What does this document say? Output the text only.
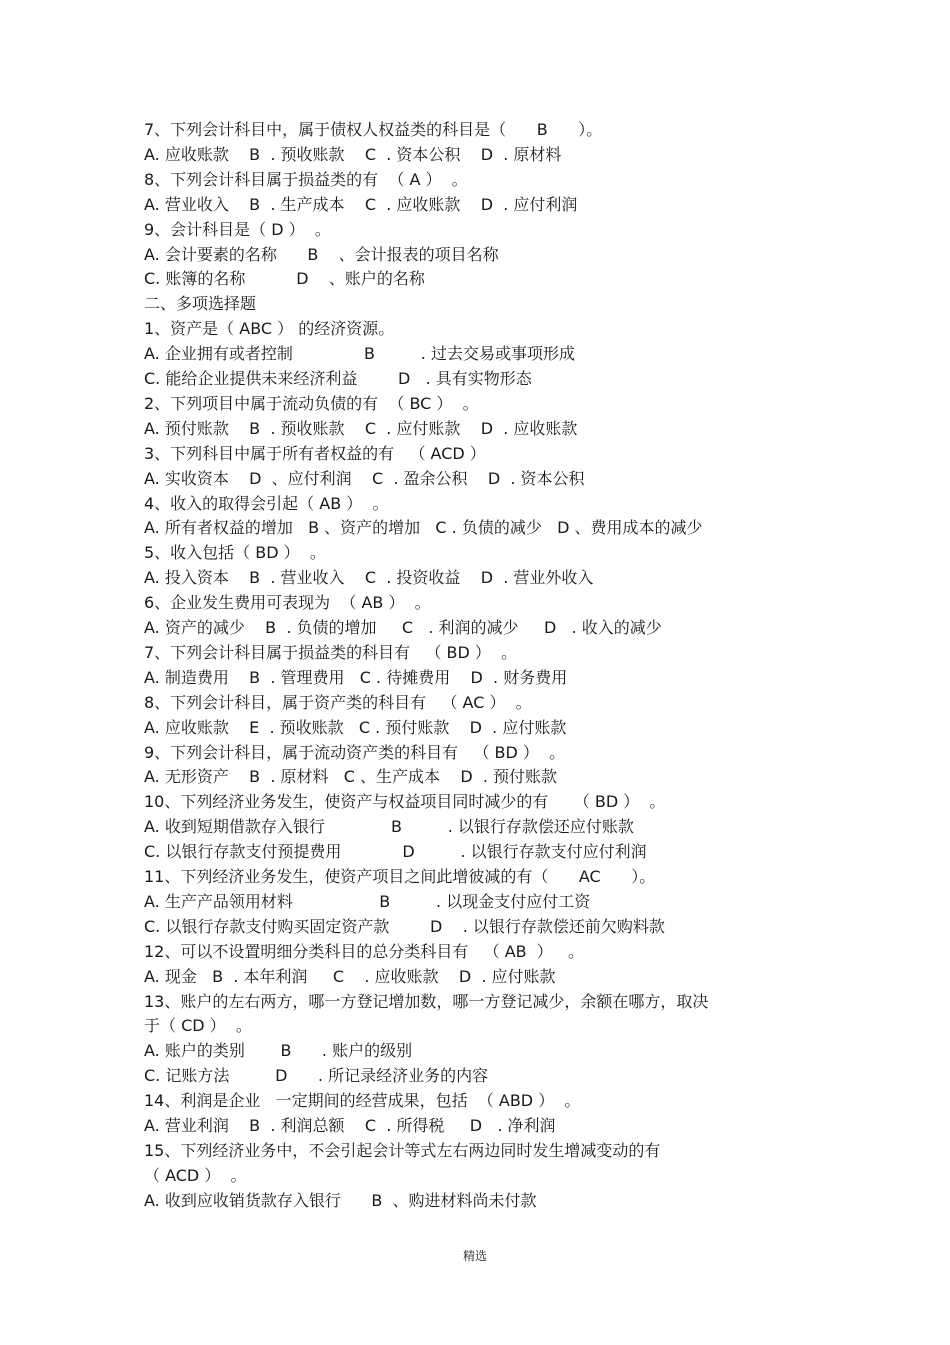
7、下列会计科目中，属于债权人权益类的科目是（      B      ）。
A. 应收账款    B  . 预收账款    C  . 资本公积    D  . 原材料
8、下列会计科目属于损益类的有  （ A ）  。
A. 营业收入    B  . 生产成本    C  . 应收账款    D  . 应付利润
9、会计科目是（ D ）  。
A. 会计要素的名称      B    、会计报表的项目名称
C. 账簿的名称          D    、账户的名称
二、多项选择题
1、资产是（ ABC ） 的经济资源。
A. 企业拥有或者控制              B         . 过去交易或事项形成
C. 能给企业提供未来经济利益        D   . 具有实物形态
2、下列项目中属于流动负债的有  （ BC ）  。
A. 预付账款    B  . 预收账款    C  . 应付账款    D  . 应收账款
3、下列科目中属于所有者权益的有   （ ACD ）
A. 实收资本    D  、应付利润    C  . 盈余公积    D  . 资本公积
4、收入的取得会引起（ AB ）  。
A. 所有者权益的增加   B 、资产的增加   C . 负债的减少   D 、费用成本的减少
5、收入包括（ BD ）  。
A. 投入资本    B  . 营业收入    C  . 投资收益    D  . 营业外收入
6、企业发生费用可表现为  （ AB ）  。
A. 资产的减少    B  . 负债的增加     C   . 利润的减少     D   . 收入的减少
7、下列会计科目属于损益类的科目有   （ BD ）  。
A. 制造费用    B  . 管理费用   C . 待摊费用    D  . 财务费用
8、下列会计科目，属于资产类的科目有   （ AC ）  。
A. 应收账款    E  . 预收账款   C . 预付账款    D  . 应付账款
9、下列会计科目，属于流动资产类的科目有   （ BD ）  。
A. 无形资产    B  . 原材料   C 、生产成本    D  . 预付账款
10、下列经济业务发生，使资产与权益项目同时减少的有     （ BD ）  。
A. 收到短期借款存入银行             B         . 以银行存款偿还应付账款
C. 以银行存款支付预提费用            D         . 以银行存款支付应付利润
11、下列经济业务发生，使资产项目之间此增彼减的有（      AC      ）。
A. 生产产品领用材料                 B         . 以现金支付应付工资
C. 以银行存款支付购买固定资产款        D    . 以银行存款偿还前欠购料款
12、可以不设置明细分类科目的总分类科目有   （ AB  ）   。
A. 现金   B  . 本年利润     C    . 应收账款    D  . 应付账款
13、账户的左右两方，哪一方登记增加数，哪一方登记减少，余额在哪方，取决
于（ CD ）  。
A. 账户的类别       B      . 账户的级别
C. 记账方法         D      . 所记录经济业务的内容
14、利润是企业   一定期间的经营成果，包括  （ ABD ）  。
A. 营业利润    B  . 利润总额    C  . 所得税     D   . 净利润
15、下列经济业务中，不会引起会计等式左右两边同时发生增减变动的有
（ ACD ）  。
A. 收到应收销货款存入银行      B  、购进材料尚未付款
精选
